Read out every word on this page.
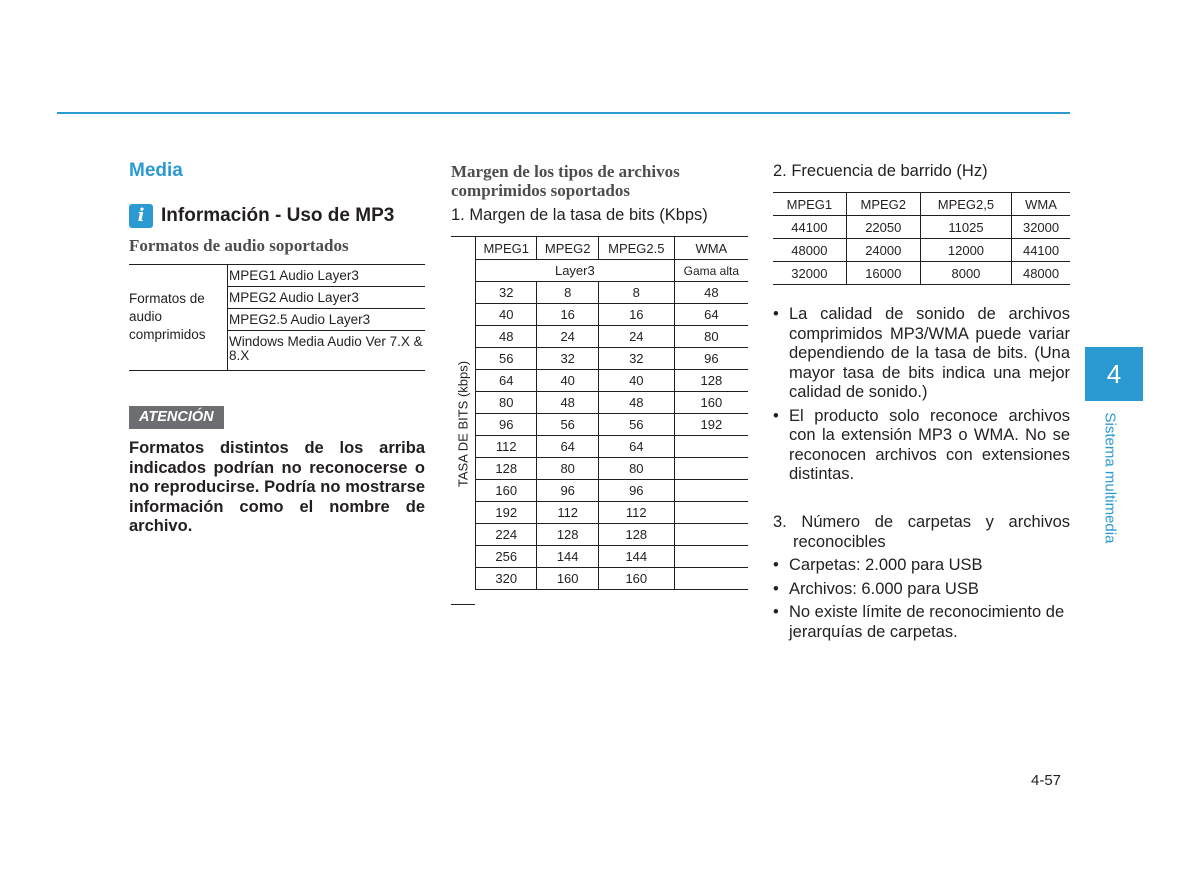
Media
i Información - Uso de MP3
Formatos de audio soportados
Formatos de audio comprimidos
MPEG1 Audio Layer3
MPEG2 Audio Layer3
MPEG2.5 Audio Layer3
Windows Media Audio Ver 7.X & 8.X
ATENCIÓN
Formatos distintos de los arriba indicados podrían no reconocerse o no reproducirse. Podría no mostrarse información como el nombre de archivo.
Margen de los tipos de archivos comprimidos soportados
1. Margen de la tasa de bits (Kbps)
TASA DE BITS (kbps)
MPEG1	MPEG2	MPEG2.5	WMA
Layer3			Gama alta
32	8	8	48
40	16	16	64
48	24	24	80
56	32	32	96
64	40	40	128
80	48	48	160
96	56	56	192
112	64	64	
128	80	80	
160	96	96	
192	112	112	
224	128	128	
256	144	144	
320	160	160	
2. Frecuencia de barrido (Hz)
MPEG1	MPEG2	MPEG2,5	WMA
44100	22050	11025	32000
48000	24000	12000	44100
32000	16000	8000	48000
• La calidad de sonido de archivos comprimidos MP3/WMA puede variar dependiendo de la tasa de bits. (Una mayor tasa de bits indica una mejor calidad de sonido.)
• El producto solo reconoce archivos con la extensión MP3 o WMA. No se reconocen archivos con extensiones distintas.
3. Número de carpetas y archivos reconocibles
• Carpetas: 2.000 para USB
• Archivos: 6.000 para USB
• No existe límite de reconocimiento de jerarquías de carpetas.
4
Sistema multimedia
4-57
